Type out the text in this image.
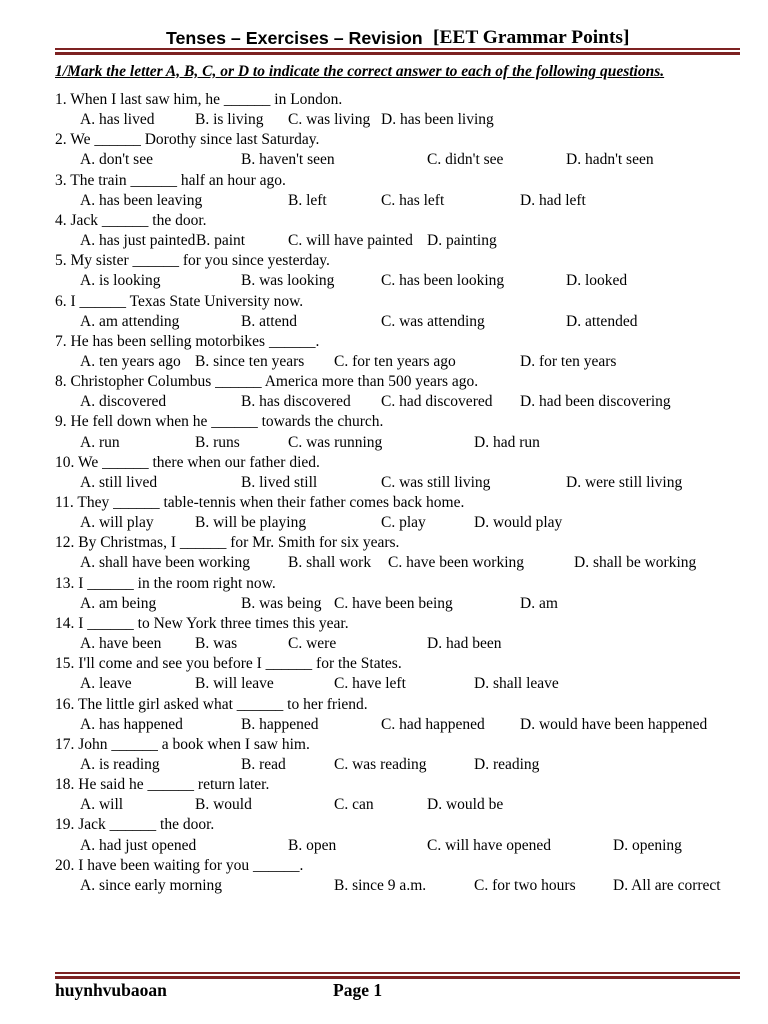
Tenses – Exercises – Revision [EET Grammar Points]
1/Mark the letter A, B, C, or D to indicate the correct answer to each of the following questions.
1. When I last saw him, he ______ in London.
A. has lived	B. is living C. was living D. has been living
2. We ______ Dorothy since last Saturday.
A. don't see	B. haven't seen	C. didn't see	D. hadn't seen
3. The train ______ half an hour ago.
A. has been leaving	B. left	C. has left	D. had left
4. Jack ______ the door.
A. has just painted B. paint	C. will have painted D. painting
5. My sister ______ for you since yesterday.
A. is looking	B. was looking	C. has been looking	D. looked
6. I ______ Texas State University now.
A. am attending	B. attend	C. was attending	D. attended
7. He has been selling motorbikes ______.
A. ten years ago B. since ten years C. for ten years ago	D. for ten years
8. Christopher Columbus ______ America more than 500 years ago.
A. discovered	B. has discovered C. had discovered D. had been discovering
9. He fell down when he ______ towards the church.
A. run	B. runs	C. was running	D. had run
10. We ______ there when our father died.
A. still lived	B. lived still	C. was still living	D. were still living
11. They ______ table-tennis when their father comes back home.
A. will play	B. will be playing	C. play	D. would play
12. By Christmas, I ______ for Mr. Smith for six years.
A. shall have been working B. shall work C. have been working	D. shall be working
13. I ______ in the room right now.
A. am being	B. was being C. have been being	D. am
14. I ______ to New York three times this year.
A. have been B. was	C. were	D. had been
15. I'll come and see you before I ______ for the States.
A. leave	B. will leave	C. have left	D. shall leave
16. The little girl asked what ______ to her friend.
A. has happened	B. happened	C. had happened D. would have been happened
17. John ______ a book when I saw him.
A. is reading	B. read	C. was reading	D. reading
18. He said he ______ return later.
A. will	B. would	C. can	D. would be
19. Jack ______ the door.
A. had just opened	B. open	C. will have opened	D. opening
20. I have been waiting for you ______.
A. since early morning	B. since 9 a.m.	C. for two hours D. All are correct
huynhvubaoan	Page 1
